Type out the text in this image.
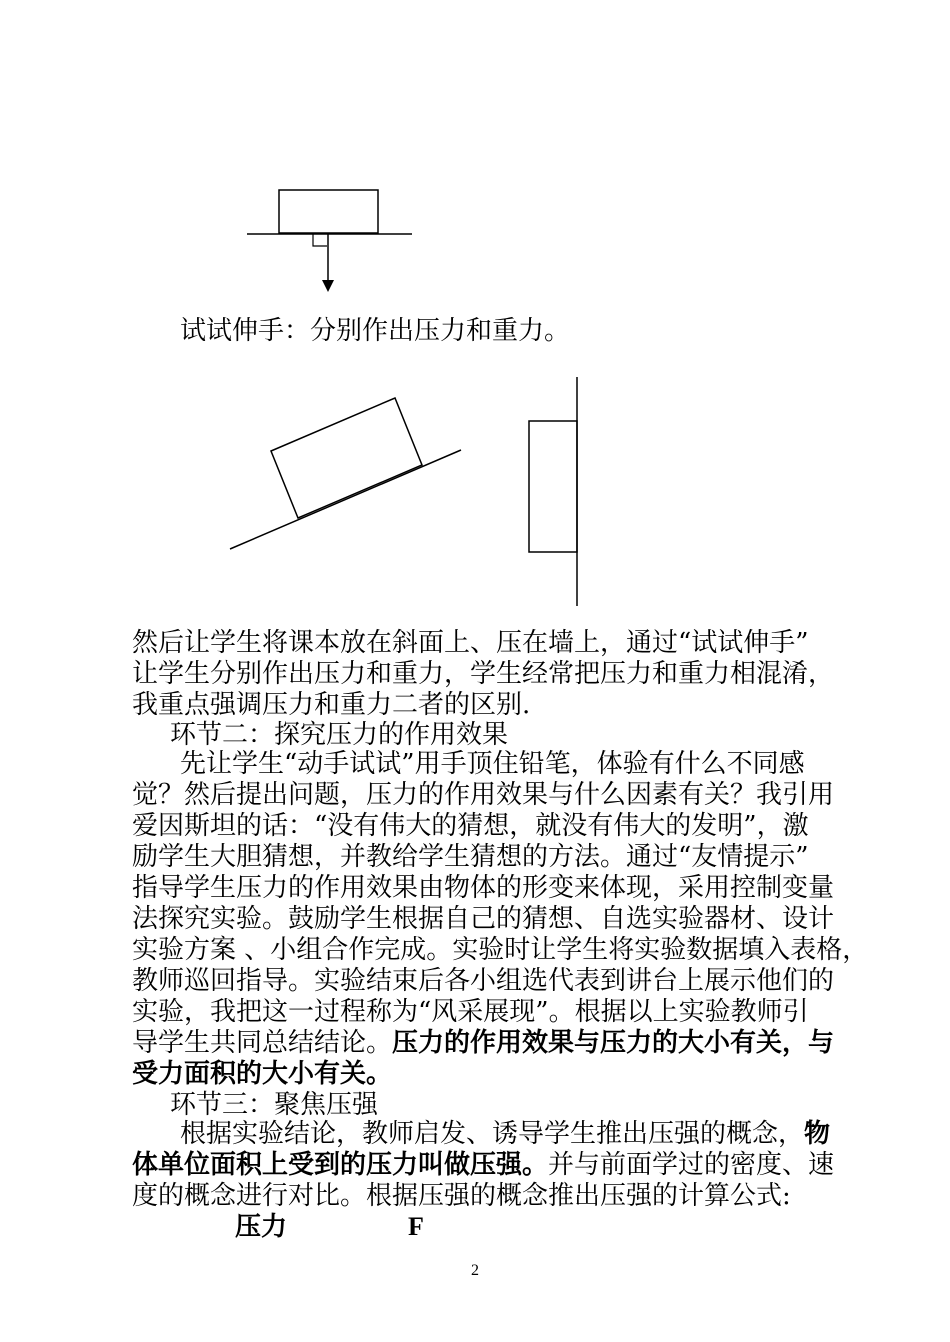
试试伸手：分别作出压力和重力。
然后让学生将课本放在斜面上、压在墙上，通过“试试伸手”
让学生分别作出压力和重力，学生经常把压力和重力相混淆，
我重点强调压力和重力二者的区别.
环节二：探究压力的作用效果
先让学生“动手试试”用手顶住铅笔，体验有什么不同感
觉？然后提出问题，压力的作用效果与什么因素有关？我引用
爱因斯坦的话：“没有伟大的猜想，就没有伟大的发明”，激
励学生大胆猜想，并教给学生猜想的方法。通过“友情提示”
指导学生压力的作用效果由物体的形变来体现，采用控制变量
法探究实验。鼓励学生根据自己的猜想、自选实验器材、设计
实验方案 、小组合作完成。实验时让学生将实验数据填入表格，
教师巡回指导。实验结束后各小组选代表到讲台上展示他们的
实验，我把这一过程称为“风采展现”。根据以上实验教师引
导学生共同总结结论。压力的作用效果与压力的大小有关，与
受力面积的大小有关。
环节三：聚焦压强
根据实验结论，教师启发、诱导学生推出压强的概念，物
体单位面积上受到的压力叫做压强。并与前面学过的密度、速
度的概念进行对比。根据压强的概念推出压强的计算公式:
压力	F
2
